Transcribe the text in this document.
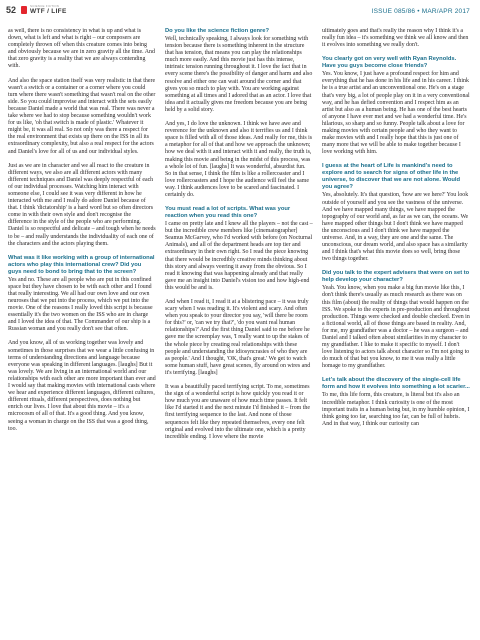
52	SCIENCE FICTION
WTF / LIFE	ISSUE 085/86 • MAR/APR 2017

as well, there is no consistency in what is up and what is down, what is left and what is right – our composers are completely thrown off when this creature comes into being and obviously because we are in zero gravity all the time. And that zero gravity is a reality that we are always contending with.

And also the space station itself was very realistic in that there wasn't a switch or a container or a corner where you could turn where there wasn't something that wasn't real on the other side. So you could improvise and interact with the sets easily because Daniel made a world that was real. There was never a take where we had to stop because something wouldn't work for us like, 'oh that switch is made of plastic.' Whatever it might be, it was all real. So not only was there a respect for the real environment that exists up there on the ISS in all its extraordinary complexity, but also a real respect for the actors and Daniel's love for all of us and our individual styles.

Just as we are in character and we all react to the creature in different ways, we also are all different actors with many different techniques and Daniel was deeply respectful of each of our individual processes. Watching him interact with someone else, I could see it was very different in how he interacted with me and I really do adore Daniel because of that. I think 'dictatorship' is a hard word but so often directors come in with their own style and don't recognise the difference in the style of the people who are performing. Daniel is so respectful and delicate – and tough when he needs to be – and really understands the individuality of each one of the characters and the actors playing them.

What was it like working with a group of international actors who play this international crew? Did you guys need to bond to bring that to the screen?

Yes and no. These are all people who are put in this confined space but they have chosen to be with each other and I found that really interesting. We all had our own love and our own neuroses that we put into the process, which we put into the movie. One of the reasons I really loved this script is because essentially it's the two women on the ISS who are in charge and I loved the idea of that. The Commander of our ship is a Russian woman and you really don't see that often.

And you know, all of us working together was lovely and sometimes in those surprises that we wear a little confusing in terms of understanding directions and language because everyone was speaking in different languages. [laughs] But it was lovely. We are living in an international world and our relationships with each other are more important than ever and I would say that making movies with international casts where we hear and experience different languages, different cultures, different rituals, different perspectives, does nothing but enrich our lives. I love that about this movie – it's a microcosm of all of that. It's a good thing. And you know, seeing a woman in charge on the ISS that was a good thing, too.

Do you like the science fiction genre?

Well, technically speaking, I always look for something with tension because there is something inherent in the structure that has tension, that means you can play the relationships much more easily. And this movie just has this intense, intrinsic tension running throughout it. I love the fact that in every scene there's the possibility of danger and harm and also resolve and either one can wait around the corner and that gives you so much to play with. You are working against something at all times and I adored that as an actor. I love that idea and it actually gives me freedom because you are being held by a solid story.

And yes, I do love the unknown. I think we have awe and reverence for the unknown and also it terrifies us and I think space is filled with all of those ideas. And really for me, this is a metaphor for all of that and how we approach the unknown; how we deal with it and interact with it and really, the truth is, making this movie and being in the midst of this process, was a whole lot of fun. [laughs] It was wonderful, absurdist fun. So in that sense, I think the film is like a rollercoaster and I love rollercoasters and I hope the audience will feel the same way. I think audiences love to be scared and fascinated. I certainly do.

You must read a lot of scripts. What was your reaction when you read this one?

I came on pretty late and I knew all the players – not the cast – but the incredible crew members like [cinematographer] Seamus McGarvey, who I'd worked with before (on Nocturnal Animals), and all of the department heads are top tier and extraordinary in their own right. So I read the piece knowing that there would be incredibly creative minds thinking about this story and always veering it away from the obvious. So I read it knowing that was happening already and that really gave me an insight into Daniel's vision too and how high-end this would be and is.

And when I read it, I read it at a blistering pace – it was truly scary when I was reading it. It's violent and scary. And often when you speak to your director you say, 'will there be room for this?' or, 'can we try that?', 'do you want real human relationships?' And the first thing Daniel said to me before he gave me the screenplay was, 'I really want to up the stakes of the whole piece by creating real relationships with these people and understanding the idiosyncrasies of who they are as people.' And I thought, 'OK, that's great.' We get to watch some human stuff, have great scenes, fly around on wires and it's terrifying. [laughs]

It was a beautifully paced terrifying script. To me, sometimes the sign of a wonderful script is how quickly you read it or how much you are unaware of how much time passes. It felt like I'd started it and the next minute I'd finished it – from the first terrifying sequence to the last. And none of those sequences felt like they repeated themselves, every one felt original and evolved into the ultimate one, which is a pretty incredible ending. I love where the movie

ultimately goes and that's really the reason why I think it's a really fun idea – it's something we think we all know and then it evolves into something we really don't.

You clearly got on very well with Ryan Reynolds. Have you guys become close friends?

Yes. You know, I just have a profound respect for him and everything that he has done in his life and in his career. I think he is a true artist and an unconventional one. He's on a stage that's very big, a lot of people play on it in a very conventional way, and he has defied convention and I respect him as an artist but also as a human being. He has one of the best hearts of anyone I have ever met and we had a wonderful time. He's hilarious, so sharp and so funny. People talk about a love for making movies with certain people and who they want to make movies with and I really hope that this is just one of many more that we will be able to make together because I love working with him.

I guess at the heart of Life is mankind's need to explore and to search for signs of other life in the universe, to discover that we are not alone. Would you agree?

Yes, absolutely. It's that question, 'how are we here?' You look outside of yourself and you see the vastness of the universe. And we have mapped many things, we have mapped the topography of our world and, as far as we can, the oceans. We have mapped other things but I don't think we have mapped the unconscious and I don't think we have mapped the universe. And, in a way, they are one and the same. The unconscious, our dream world, and also space has a similarity and I think that's what this movie does so well, bring those two things together.

Did you talk to the expert advisers that were on set to help develop your character?

Yeah. You know, when you make a big fun movie like this, I don't think there's usually as much research as there was on this film (about) the reality of things that would happen on the ISS. We spoke to the experts in pre-production and throughout production. Things were checked and double checked. Even in a fictional world, all of those things are based in reality. And, for me, my grandfather was a doctor – he was a surgeon – and Daniel and I talked often about similarities in my character to my grandfather. I like to make it specific to myself. I don't love listening to actors talk about character so I'm not going to do much of that but you know, to me it was really a little homage to my grandfather.

Let's talk about the discovery of the single-cell life form and how it evolves into something a lot scarier...

To me, this life form, this creature, is literal but it's also an incredible metaphor. I think curiosity is one of the most important traits in a human being but, in my humble opinion, I think going too far, searching too far, can be full of hubris. And in that way, I think our curiosity can
